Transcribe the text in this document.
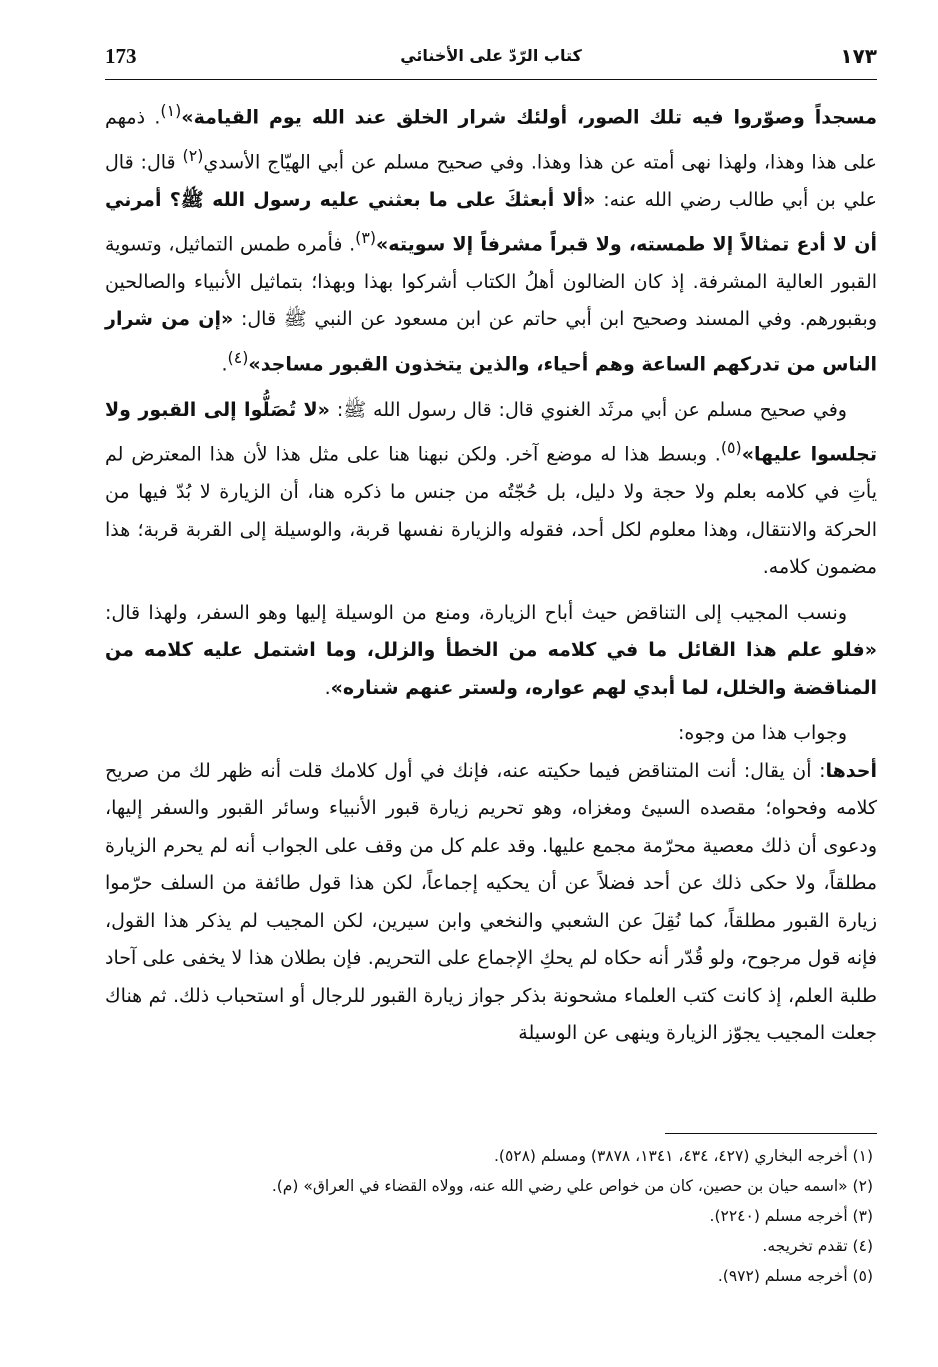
173	كتاب الرّدّ على الأخنائي	١٧٣

مسجداً وصوّروا فيه تلك الصور، أولئك شرار الخلق عند الله يوم القيامة»$^{(١)}$. ذمهم على هذا وهذا، ولهذا نهى أمته عن هذا وهذا. وفي صحيح مسلم عن أبي الهيّاج الأسدي$^{(٢)}$ قال: قال علي بن أبي طالب رضي الله عنه: «ألا أبعثكَ على ما بعثني عليه رسول الله ﷺ؟ أمرني أن لا أدع تمثالاً إلا طمسته، ولا قبراً مشرفاً إلا سويته»$^{(٣)}$. فأمره طمس التماثيل، وتسوية القبور العالية المشرفة. إذ كان الضالون أهلُ الكتاب أشركوا بهذا وبهذا؛ بتماثيل الأنبياء والصالحين وبقبورهم. وفي المسند وصحيح ابن أبي حاتم عن ابن مسعود عن النبي ﷺ قال: «إن من شرار الناس من تدركهم الساعة وهم أحياء، والذين يتخذون القبور مساجد»$^{(٤)}$.

وفي صحيح مسلم عن أبي مرثَد الغنوي قال: قال رسول الله ﷺ: «لا تُصَلُّوا إلى القبور ولا تجلسوا عليها»$^{(٥)}$. وبسط هذا له موضع آخر. ولكن نبهنا هنا على مثل هذا لأن هذا المعترض لم يأتِ في كلامه بعلم ولا حجة ولا دليل، بل حُجّتُه من جنس ما ذكره هنا، أن الزيارة لا بُدّ فيها من الحركة والانتقال، وهذا معلوم لكل أحد، فقوله والزيارة نفسها قربة، والوسيلة إلى القربة قربة؛ هذا مضمون كلامه.

ونسب المجيب إلى التناقض حيث أباح الزيارة، ومنع من الوسيلة إليها وهو السفر، ولهذا قال: «فلو علم هذا القائل ما في كلامه من الخطأ والزلل، وما اشتمل عليه كلامه من المناقضة والخلل، لما أبدي لهم عواره، ولستر عنهم شناره».

وجواب هذا من وجوه:

أحدها: أن يقال: أنت المتناقض فيما حكيته عنه، فإنك في أول كلامك قلت أنه ظهر لك من صريح كلامه وفحواه؛ مقصده السيئ ومغزاه، وهو تحريم زيارة قبور الأنبياء وسائر القبور والسفر إليها، ودعوى أن ذلك معصية محرّمة مجمع عليها. وقد علم كل من وقف على الجواب أنه لم يحرم الزيارة مطلقاً، ولا حكى ذلك عن أحد فضلاً عن أن يحكيه إجماعاً، لكن هذا قول طائفة من السلف حرّموا زيارة القبور مطلقاً، كما نُقِلَ عن الشعبي والنخعي وابن سيرين، لكن المجيب لم يذكر هذا القول، فإنه قول مرجوح، ولو قُدّر أنه حكاه لم يحكِ الإجماع على التحريم. فإن بطلان هذا لا يخفى على آحاد طلبة العلم، إذ كانت كتب العلماء مشحونة بذكر جواز زيارة القبور للرجال أو استحباب ذلك. ثم هناك جعلت المجيب يجوّز الزيارة وينهى عن الوسيلة

(١) أخرجه البخاري (٤٢٧، ٤٣٤، ١٣٤١، ٣٨٧٨) ومسلم (٥٢٨).

(٢) «اسمه حيان بن حصين، كان من خواص علي رضي الله عنه، وولاه القضاء في العراق» (م).

(٣) أخرجه مسلم (٢٢٤٠).

(٤) تقدم تخريجه.

(٥) أخرجه مسلم (٩٧٢).
